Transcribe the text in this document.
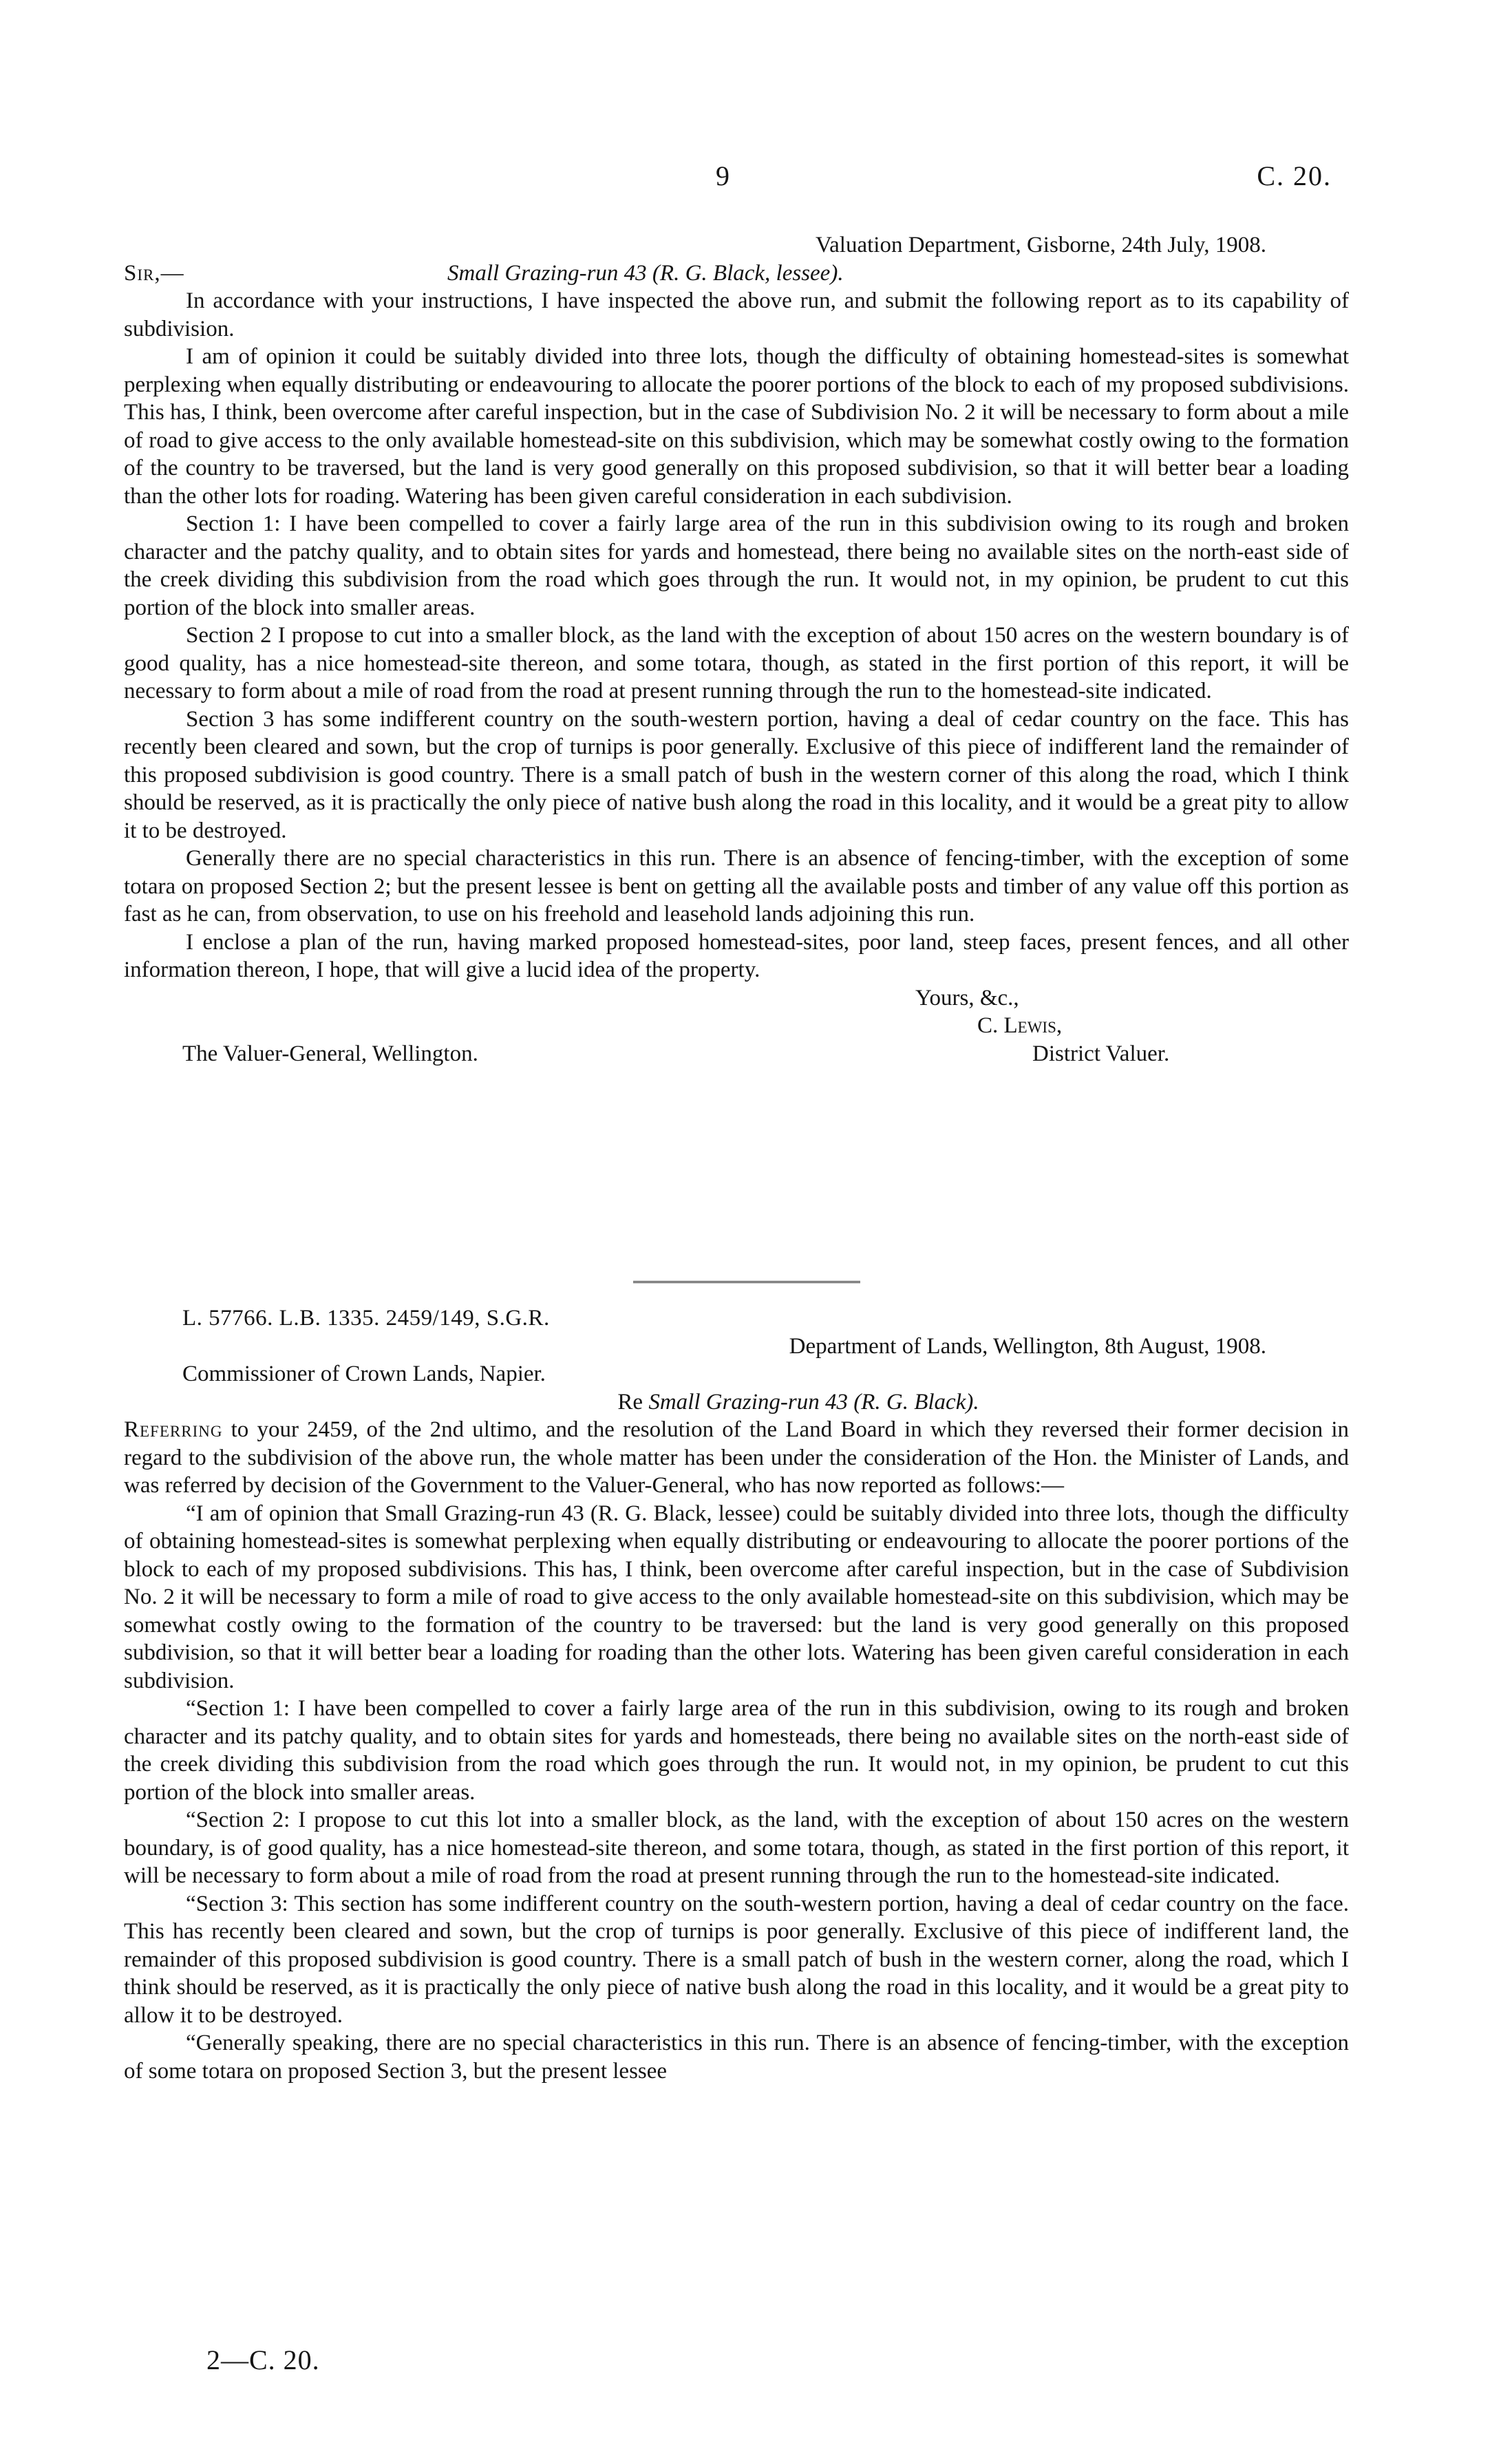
9	C. 20.
Valuation Department, Gisborne, 24th July, 1908.
Sir,—	Small Grazing-run 43 (R. G. Black, lessee).

In accordance with your instructions, I have inspected the above run, and submit the following report as to its capability of subdivision.

I am of opinion it could be suitably divided into three lots, though the difficulty of obtaining homestead-sites is somewhat perplexing when equally distributing or endeavouring to allocate the poorer portions of the block to each of my proposed subdivisions. This has, I think, been overcome after careful inspection, but in the case of Subdivision No. 2 it will be necessary to form about a mile of road to give access to the only available homestead-site on this subdivision, which may be somewhat costly owing to the formation of the country to be traversed, but the land is very good generally on this proposed subdivision, so that it will better bear a loading than the other lots for roading. Watering has been given careful consideration in each subdivision.

Section 1: I have been compelled to cover a fairly large area of the run in this subdivision owing to its rough and broken character and the patchy quality, and to obtain sites for yards and homestead, there being no available sites on the north-east side of the creek dividing this subdivision from the road which goes through the run. It would not, in my opinion, be prudent to cut this portion of the block into smaller areas.

Section 2 I propose to cut into a smaller block, as the land with the exception of about 150 acres on the western boundary is of good quality, has a nice homestead-site thereon, and some totara, though, as stated in the first portion of this report, it will be necessary to form about a mile of road from the road at present running through the run to the homestead-site indicated.

Section 3 has some indifferent country on the south-western portion, having a deal of cedar country on the face. This has recently been cleared and sown, but the crop of turnips is poor generally. Exclusive of this piece of indifferent land the remainder of this proposed subdivision is good country. There is a small patch of bush in the western corner of this along the road, which I think should be reserved, as it is practically the only piece of native bush along the road in this locality, and it would be a great pity to allow it to be destroyed.

Generally there are no special characteristics in this run. There is an absence of fencing-timber, with the exception of some totara on proposed Section 2; but the present lessee is bent on getting all the available posts and timber of any value off this portion as fast as he can, from observation, to use on his freehold and leasehold lands adjoining this run.

I enclose a plan of the run, having marked proposed homestead-sites, poor land, steep faces, present fences, and all other information thereon, I hope, that will give a lucid idea of the property.

Yours, &c.,
C. Lewis,
The Valuer-General, Wellington.	District Valuer.
L. 57766. L.B. 1335. 2459/149, S.G.R.
Department of Lands, Wellington, 8th August, 1908.
Commissioner of Crown Lands, Napier.
Re Small Grazing-run 43 (R. G. Black).

Referring to your 2459, of the 2nd ultimo, and the resolution of the Land Board in which they reversed their former decision in regard to the subdivision of the above run, the whole matter has been under the consideration of the Hon. the Minister of Lands, and was referred by decision of the Government to the Valuer-General, who has now reported as follows:—

“I am of opinion that Small Grazing-run 43 (R. G. Black, lessee) could be suitably divided into three lots, though the difficulty of obtaining homestead-sites is somewhat perplexing when equally distributing or endeavouring to allocate the poorer portions of the block to each of my proposed subdivisions. This has, I think, been overcome after careful inspection, but in the case of Subdivision No. 2 it will be necessary to form a mile of road to give access to the only available homestead-site on this subdivision, which may be somewhat costly owing to the formation of the country to be traversed: but the land is very good generally on this proposed subdivision, so that it will better bear a loading for roading than the other lots. Watering has been given careful consideration in each subdivision.

“Section 1: I have been compelled to cover a fairly large area of the run in this subdivision, owing to its rough and broken character and its patchy quality, and to obtain sites for yards and homesteads, there being no available sites on the north-east side of the creek dividing this subdivision from the road which goes through the run. It would not, in my opinion, be prudent to cut this portion of the block into smaller areas.

“Section 2: I propose to cut this lot into a smaller block, as the land, with the exception of about 150 acres on the western boundary, is of good quality, has a nice homestead-site thereon, and some totara, though, as stated in the first portion of this report, it will be necessary to form about a mile of road from the road at present running through the run to the homestead-site indicated.

“Section 3: This section has some indifferent country on the south-western portion, having a deal of cedar country on the face. This has recently been cleared and sown, but the crop of turnips is poor generally. Exclusive of this piece of indifferent land, the remainder of this proposed subdivision is good country. There is a small patch of bush in the western corner, along the road, which I think should be reserved, as it is practically the only piece of native bush along the road in this locality, and it would be a great pity to allow it to be destroyed.

“Generally speaking, there are no special characteristics in this run. There is an absence of fencing-timber, with the exception of some totara on proposed Section 3, but the present lessee

2—C. 20.
